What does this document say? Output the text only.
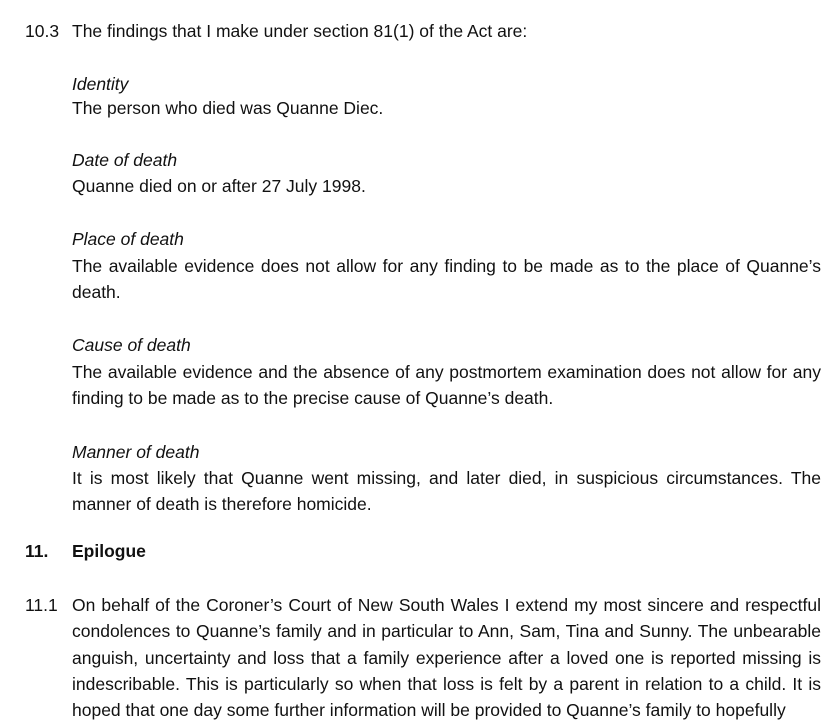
10.3 The findings that I make under section 81(1) of the Act are:
Identity
The person who died was Quanne Diec.
Date of death
Quanne died on or after 27 July 1998.
Place of death
The available evidence does not allow for any finding to be made as to the place of Quanne’s death.
Cause of death
The available evidence and the absence of any postmortem examination does not allow for any finding to be made as to the precise cause of Quanne’s death.
Manner of death
It is most likely that Quanne went missing, and later died, in suspicious circumstances. The manner of death is therefore homicide.
11. Epilogue
11.1 On behalf of the Coroner’s Court of New South Wales I extend my most sincere and respectful condolences to Quanne’s family and in particular to Ann, Sam, Tina and Sunny. The unbearable anguish, uncertainty and loss that a family experience after a loved one is reported missing is indescribable. This is particularly so when that loss is felt by a parent in relation to a child. It is hoped that one day some further information will be provided to Quanne’s family to hopefully
